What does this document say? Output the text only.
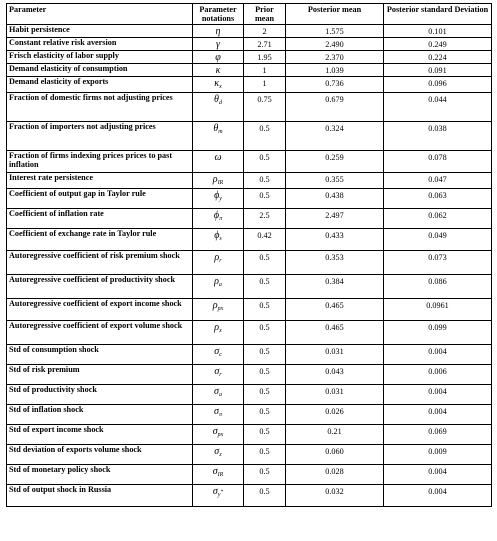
Parameter	Parameter notations	Prior mean	Posterior mean	Posterior standard Deviation
Habit persistence	η	2	1.575	0.101
Constant relative risk aversion	γ	2.71	2.490	0.249
Frisch elasticity of labor supply	φ	1.95	2.370	0.224
Demand elasticity of consumption	κ	1	1.039	0.091
Demand elasticity of exports	$\kappa_x$	1	0.736	0.096
Fraction of domestic firms not adjusting prices	$\theta_d$	0.75	0.679	0.044
Fraction of importers not adjusting prices	$\theta_m$	0.5	0.324	0.038
Fraction of firms indexing prices prices to past inflation	ω	0.5	0.259	0.078
Interest rate persistence	$\rho_{IR}$	0.5	0.355	0.047
Coefficient of output gap in Taylor rule	$\phi_y$	0.5	0.438	0.063
Coefficient of inflation rate	$\phi_\pi$	2.5	2.497	0.062
Coefficient of exchange rate in Taylor rule	$\phi_s$	0.42	0.433	0.049
Autoregressive coefficient of risk premium shock	$\rho_r$	0.5	0.353	0.073
Autoregressive coefficient of productivity shock	$\rho_a$	0.5	0.384	0.086
Autoregressive coefficient of export income shock	$\rho_{px}$	0.5	0.465	0.0961
Autoregressive coefficient of export volume shock	$\rho_x$	0.5	0.465	0.099
Std of consumption shock	$\sigma_c$	0.5	0.031	0.004
Std of risk premium	$\sigma_r$	0.5	0.043	0.006
Std of productivity shock	$\sigma_a$	0.5	0.031	0.004
Std of inflation shock	$\sigma_\pi$	0.5	0.026	0.004
Std of export income shock	$\sigma_{px}$	0.5	0.21	0.069
Std deviation of exports volume shock	$\sigma_x$	0.5	0.060	0.009
Std of monetary policy shock	$\sigma_{IR}$	0.5	0.028	0.004
Std of output shock in Russia	$\sigma_{y*}$	0.5	0.032	0.004
